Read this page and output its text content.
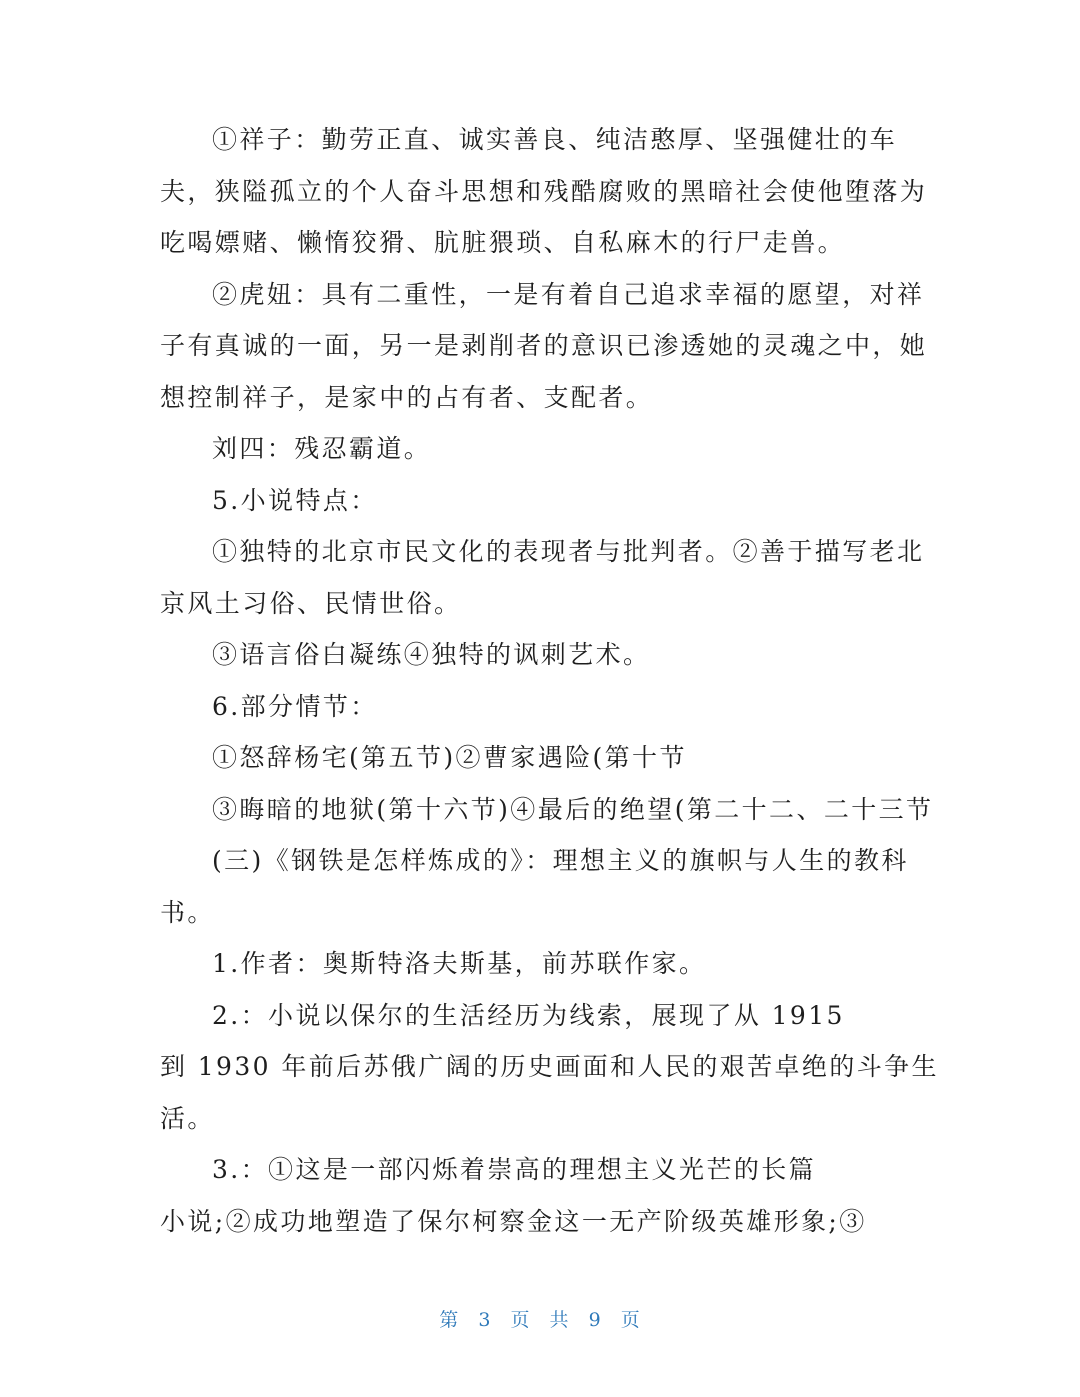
①祥子：勤劳正直、诚实善良、纯洁憨厚、坚强健壮的车
夫，狭隘孤立的个人奋斗思想和残酷腐败的黑暗社会使他堕落为
吃喝嫖赌、懒惰狡猾、肮脏猥琐、自私麻木的行尸走兽。
②虎妞：具有二重性，一是有着自己追求幸福的愿望，对祥
子有真诚的一面，另一是剥削者的意识已渗透她的灵魂之中，她
想控制祥子，是家中的占有者、支配者。
刘四：残忍霸道。
5.小说特点：
①独特的北京市民文化的表现者与批判者。②善于描写老北
京风土习俗、民情世俗。
③语言俗白凝练④独特的讽刺艺术。
6.部分情节：
①怒辞杨宅(第五节)②曹家遇险(第十节
③晦暗的地狱(第十六节)④最后的绝望(第二十二、二十三节
(三)《钢铁是怎样炼成的》：理想主义的旗帜与人生的教科
书。
1.作者：奥斯特洛夫斯基，前苏联作家。
2.：小说以保尔的生活经历为线索，展现了从 1915
到 1930 年前后苏俄广阔的历史画面和人民的艰苦卓绝的斗争生
活。
3.：①这是一部闪烁着崇高的理想主义光芒的长篇
小说;②成功地塑造了保尔柯察金这一无产阶级英雄形象;③
第 3 页 共 9 页
